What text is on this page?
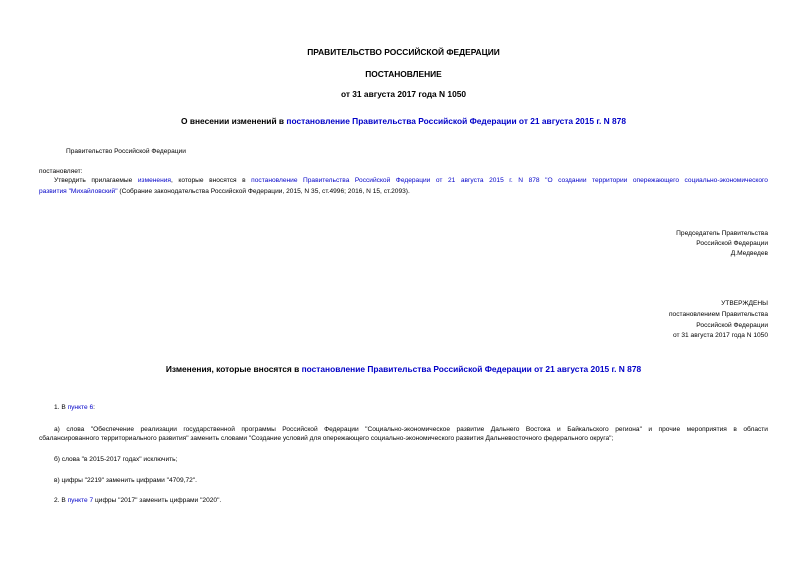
ПРАВИТЕЛЬСТВО РОССИЙСКОЙ ФЕДЕРАЦИИ
ПОСТАНОВЛЕНИЕ
от 31 августа 2017 года N 1050
О внесении изменений в постановление Правительства Российской Федерации от 21 августа 2015 г. N 878
Правительство Российской Федерации
постановляет:
Утвердить прилагаемые изменения, которые вносятся в постановление Правительства Российской Федерации от 21 августа 2015 г. N 878 "О создании территории опережающего социально-экономического
развития "Михайловский" (Собрание законодательства Российской Федерации, 2015, N 35, ст.4996; 2016, N 15, ст.2093).
Председатель Правительства
Российской Федерации
Д.Медведев
УТВЕРЖДЕНЫ
постановлением Правительства
Российской Федерации
от 31 августа 2017 года N 1050
Изменения, которые вносятся в постановление Правительства Российской Федерации от 21 августа 2015 г. N 878
1. В пункте 6:
а) слова "Обеспечение реализации государственной программы Российской Федерации "Социально-экономическое развитие Дальнего Востока и Байкальского региона" и прочие мероприятия в области
сбалансированного территориального развития" заменить словами "Создание условий для опережающего социально-экономического развития Дальневосточного федерального округа";
б) слова "в 2015-2017 годах" исключить;
в) цифры "2219" заменить цифрами "4709,72".
2. В пункте 7 цифры "2017" заменить цифрами "2020".
